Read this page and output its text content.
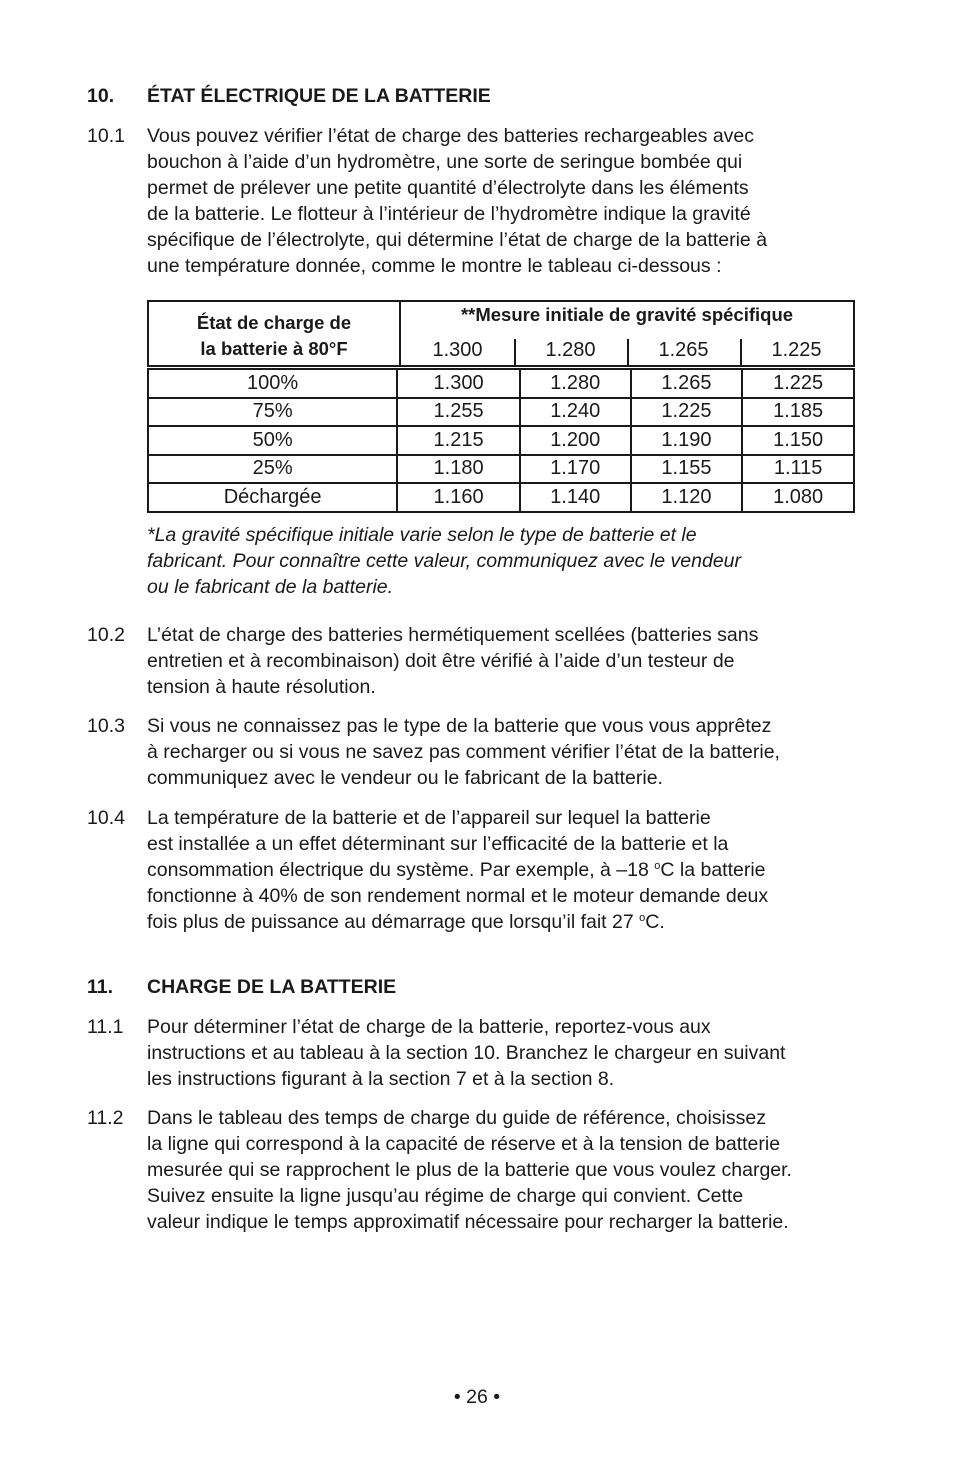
10.	ÉTAT ÉLECTRIQUE DE LA BATTERIE
10.1	Vous pouvez vérifier l’état de charge des batteries rechargeables avec
bouchon à l’aide d’un hydromètre, une sorte de seringue bombée qui
permet de prélever une petite quantité d’électrolyte dans les éléments
de la batterie. Le flotteur à l’intérieur de l’hydromètre indique la gravité
spécifique de l’électrolyte, qui détermine l’état de charge de la batterie à
une température donnée, comme le montre le tableau ci-dessous :
État de charge de
la batterie à 80°F
	**Mesure initiale de gravité spécifique

1.300	1.280	1.265	1.225
100%	1.300	1.280	1.265	1.225
75%	1.255	1.240	1.225	1.185
50%	1.215	1.200	1.190	1.150
25%	1.180	1.170	1.155	1.115
Déchargée	1.160	1.140	1.120	1.080
*La gravité spécifique initiale varie selon le type de batterie et le
fabricant. Pour connaître cette valeur, communiquez avec le vendeur
ou le fabricant de la batterie.
10.2	L’état de charge des batteries hermétiquement scellées (batteries sans
entretien et à recombinaison) doit être vérifié à l’aide d’un testeur de
tension à haute résolution.
10.3	Si vous ne connaissez pas le type de la batterie que vous vous apprêtez
à recharger ou si vous ne savez pas comment vérifier l’état de la batterie,
communiquez avec le vendeur ou le fabricant de la batterie.
10.4	La température de la batterie et de l’appareil sur lequel la batterie
est installée a un effet déterminant sur l’efficacité de la batterie et la
consommation électrique du système. Par exemple, à –18 $^o$C la batterie
fonctionne à 40% de son rendement normal et le moteur demande deux
fois plus de puissance au démarrage que lorsqu’il fait 27 $^o$C.
11.	CHARGE DE LA BATTERIE
11.1	Pour déterminer l’état de charge de la batterie, reportez-vous aux
instructions et au tableau à la section 10. Branchez le chargeur en suivant
les instructions figurant à la section 7 et à la section 8.
11.2	Dans le tableau des temps de charge du guide de référence, choisissez
la ligne qui correspond à la capacité de réserve et à la tension de batterie
mesurée qui se rapprochent le plus de la batterie que vous voulez charger.
Suivez ensuite la ligne jusqu’au régime de charge qui convient. Cette
valeur indique le temps approximatif nécessaire pour recharger la batterie.
• 26 •
